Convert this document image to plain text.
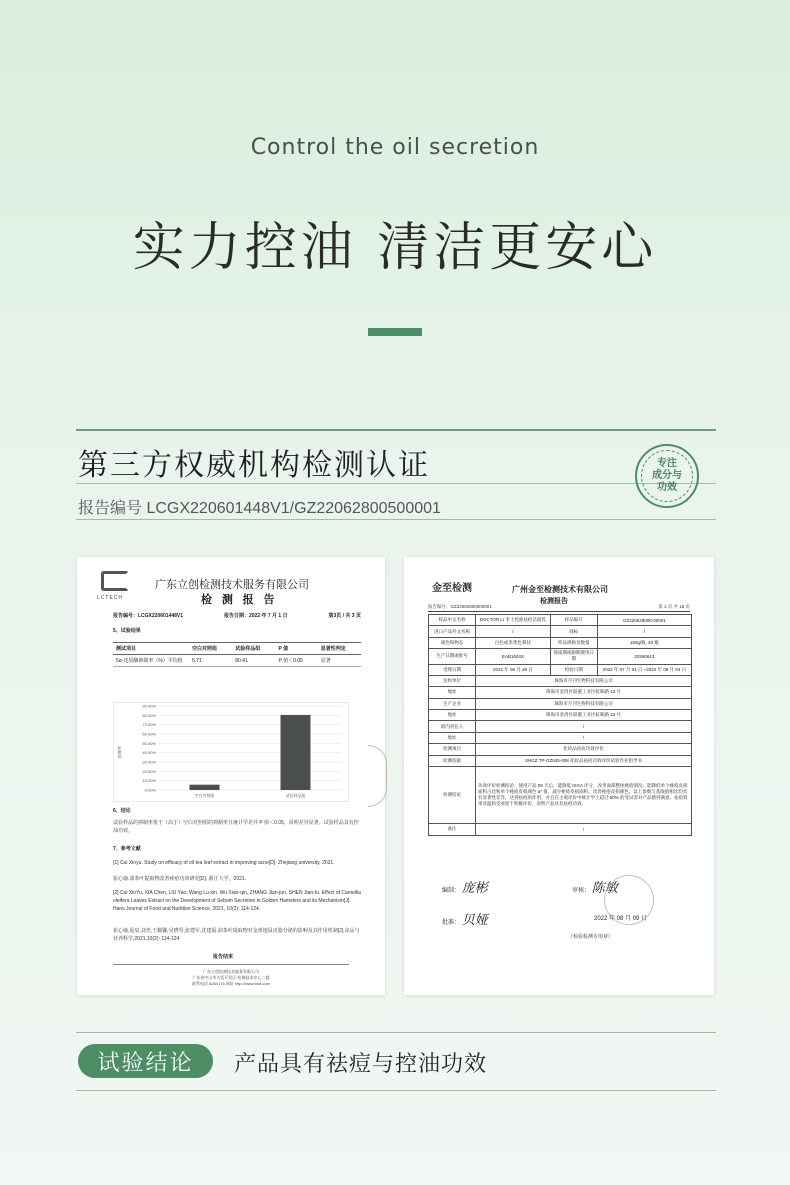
Control the oil secretion
实力控油 清洁更安心
第三方权威机构检测认证
报告编号 LCGX220601448V1/GZ22062800500001
专注
成分与
功效
LCTECH
广东立创检测技术服务有限公司
检 测 报 告
报告编号：LCGX220601448V1	报告日期：2022 年 7 月 1 日	第3页 / 共 3 页
5、试验结果
测试项目	空白对照组	试验样品组	P 值	显著性判定
5α-还原酶抑制率（%）平均值	5.71	80.41	P 值＜0.05	显著
0.00%
10.00%
20.00%
30.00%
40.00%
50.00%
60.00%
70.00%
80.00%
90.00%
抑制率
空白对照组	试验样品组
6、结论
试验样品的抑制率优于（高于）空白对照组的抑制率且统计学差异 P 值＜0.05，说明差异显著。试验样品具有控油功效。
7、参考文献
[1] Cui Xinyu. Study on efficacy of oil tea leaf extract in improving acne[D]. Zhejiang university, 2021.
崔心瑜.油茶叶提取物改善痤疮功效研究[D]. 浙江大学，2021.
[2] Cui XinYu, XIA Chen, LIU Yao, Wang Lu-xin, Wu Xiao-qin, ZHANG Jian-jun, SHEN Jian-fu. Effect of Camellia oleifera Leaves Extract on the Development of Sebum Secretion in Golden Hamsters and its Mechanism[J]. Hans Journal of Food and Nutrition Science, 2021, 10(2): 114-124.
崔心瑜,夏辰,刘尧,王璐馨,吴晓琴,张建军,沈建福.油茶叶提取物对金黄地鼠皮脂分泌的影响及其作用机制[J].食品与营养科学,2021,10(2): 114-124
报告结束
广东立创检测技术服务有限公司
广东省中山市火炬开发区 检测技术中心二楼
联系电话 8284176 网址 http://www.lcwt.com
金至检测	广州金至检测技术有限公司
检测报告
报告编号：GZ22062800500001	第 1 页 共 15 页
样品中文名称	DOCTOR LI 李士控油祛痘洁面乳	样品编号	GZ220628005-00001
进口产品外文名称	/	商标	/
颜色和物态	白色或米黄色膏状	样品规格及数量	150g/瓶, 40 瓶
生产日期或批号	EAB1604X	保质期或限期使用日期	20260613
受理日期	2022 年 06 月 28 日	检验日期	2022 年 07 月 04 日 ~2022 年 08 月 04 日
送检单位	珠海市月刊生物科技有限公司		
地址	珠海市金湾区联港工业区虹晖路 13 号		
生产企业	珠海市月刊生物科技有限公司		
地址	珠海市金湾区联港工业区虹晖路 13 号		
境内责任人	/		
地址	/		
检测项目	化妆品祛痘功效评价		
检测依据	SHGZ TP-GZ045-008 化妆品祛痘功效评价试验作业指导书		
检测结论	功效评价检测结论：使用产品 28 天后，能降低 ISGA 评分，改善面部整体痤疮情况；能降低单个痤疮皮损面积占比和单个痤疮皮损颜色 a* 值，减少痤疮皮损面积，改善痤疮皮损颜色。以上参数与基线值相比均具有显著性差异，达到祛痘的作用。并且在主观评价中统计学上超过 50% 的受试者对产品感到满意。祛痘效果及温和受欢迎于积极评价，说明产品具有祛痘功效。		
备注	/		
编制： 庞彬	审核： 陈敏
批准： 贝娅	2022 年 08 月 09 日
（检验检测专用章）
试验结论	产品具有祛痘与控油功效
